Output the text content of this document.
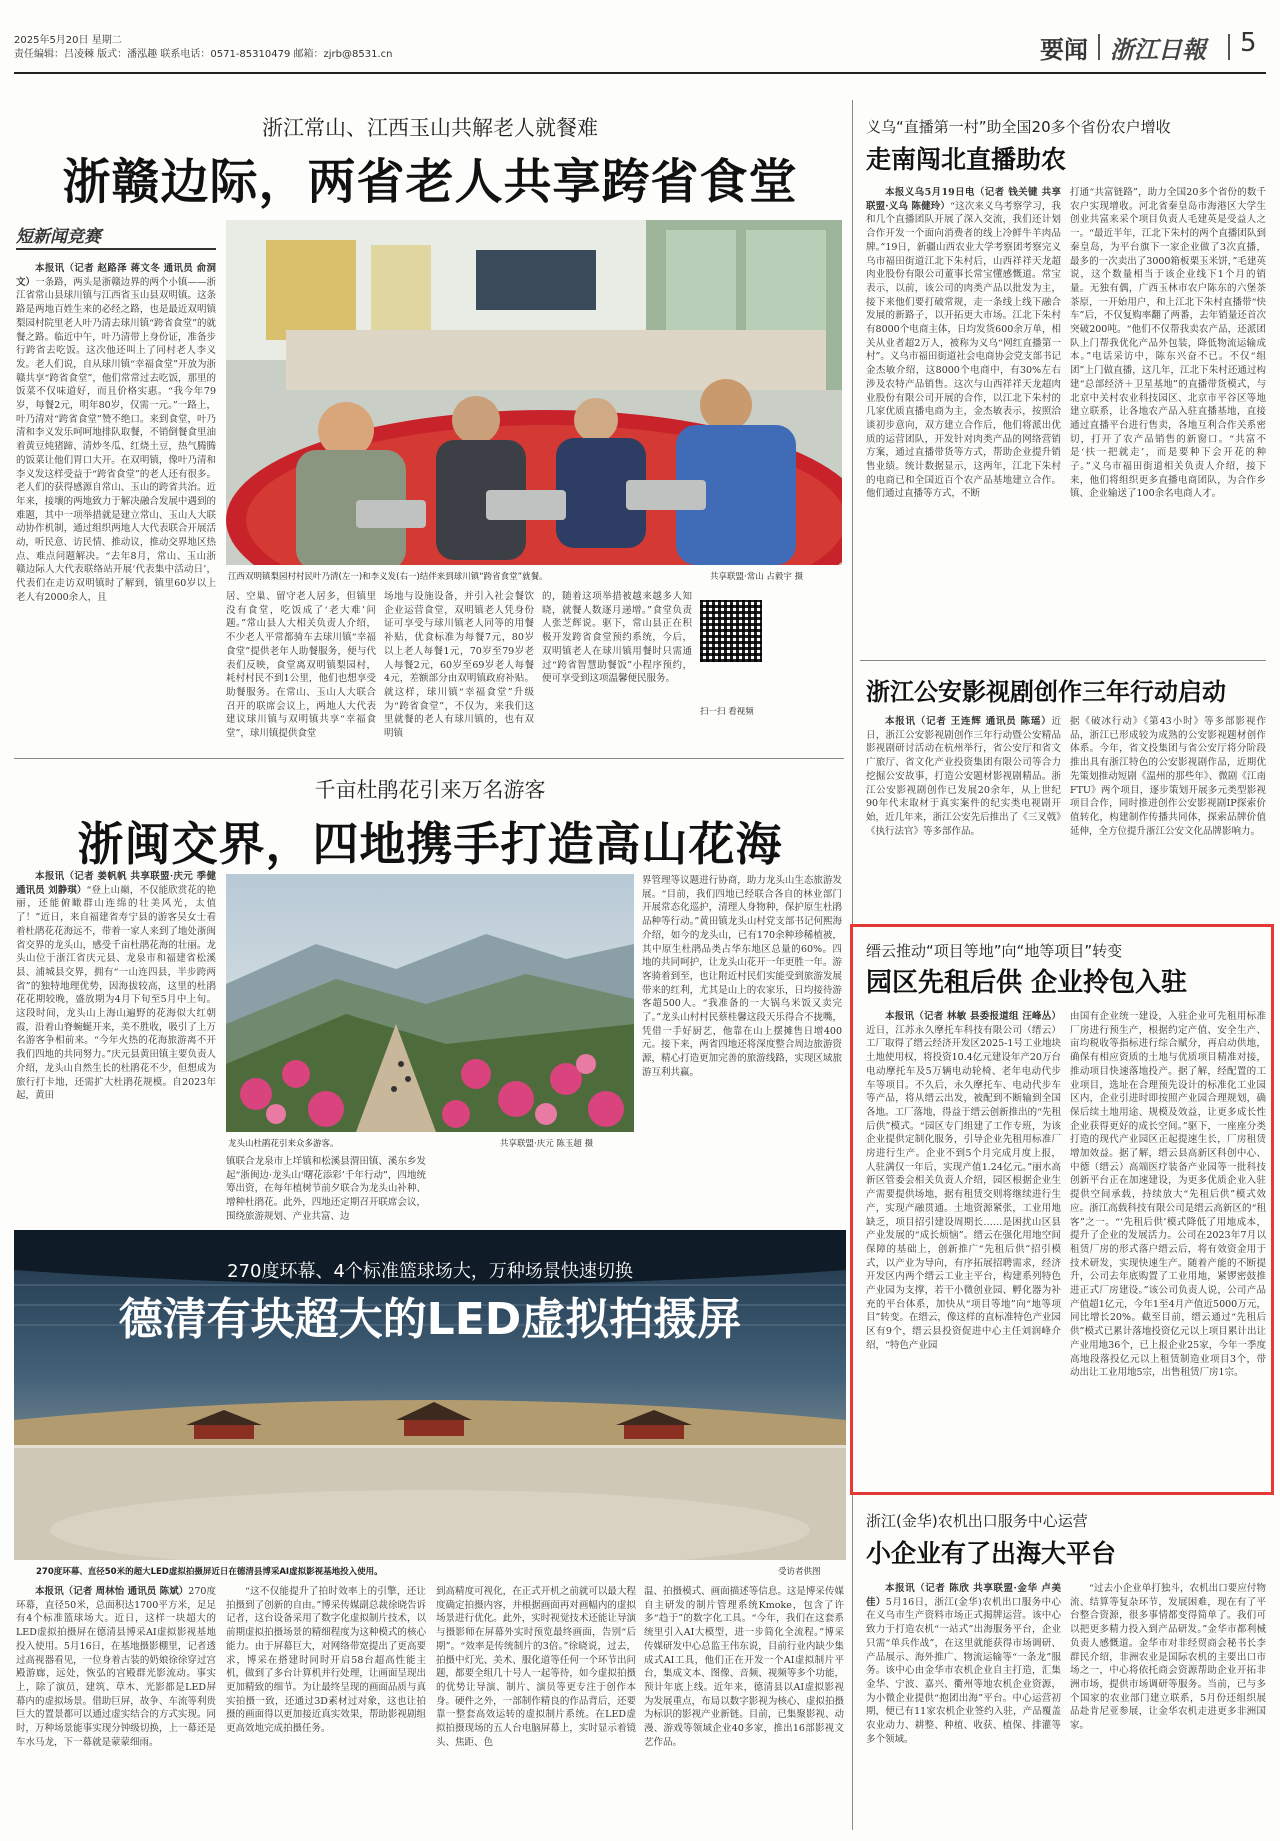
2025年5月20日 星期二
责任编辑：吕凌棘 版式：潘泓趣 联系电话：0571-85310479 邮箱：zjrb@8531.cn	要闻 浙江日報 5
浙江常山、江西玉山共解老人就餐难
浙赣边际，两省老人共享跨省食堂
短新闻竞赛

本报讯（记者 赵路泽 蒋文冬 通讯员 俞洞文）一条路，两头是浙赣边界的两个小镇——浙江省常山县球川镇与江西省玉山县双明镇。这条路是两地百姓生来的必经之路，也是最近双明镇梨园村院里老人叶乃清去球川镇“跨省食堂”的就餐之路。临近中午，叶乃清带上身份证，准备步行跨省去吃饭。这次他还叫上了同村老人李义发。老人们说，自从球川镇“幸福食堂”开放为浙赣共享“跨省食堂”，他们常常过去吃饭，那里的饭菜不仅味道好，而且价格实惠。“我今年79岁，每餐2元，明年80岁，仅需一元。”一路上，叶乃清对“跨省食堂”赞不绝口。来到食堂，叶乃清和李义发乐呵呵地排队取餐，不销倒餐食里油着黄豆炖猪蹄、清炒冬瓜、红烧土豆，热气腾腾的饭菜让他们胃口大开。在双明镇，像叶乃清和李义发这样受益于“跨省食堂”的老人还有很多。老人们的获得感源自常山、玉山的跨省共治。近年来，接壤的两地致力于解决融合发展中遇到的难题，其中一项举措就是建立常山、玉山人大联动协作机制，通过组织两地人大代表联合开展活动，听民意、访民情、推动议，推动交界地区热点、难点问题解决。“去年8月，常山、玉山浙赣边际人大代表联络站开展‘代表集中活动日’，代表们在走访双明镇时了解到，镇里60岁以上老人有2000余人，且

江西双明镇梨园村村民叶乃清(左一)和李义发(右一)结伴来到球川镇“跨省食堂”就餐。	共享联盟·常山 占毅宇 摄

居、空巢、留守老人居多，但镇里没有食堂，吃饭成了‘老大难’问题。”常山县人大相关负责人介绍，不少老人平常都骑车去球川镇“幸福食堂”提供老年人助餐服务，便与代表们反映，食堂离双明镇梨园村，耗村村民不到1公里，他们也想享受助餐服务。在常山、玉山人大联合召开的联席会议上，两地人大代表建议球川镇与双明镇共享“幸福食堂”，球川镇提供食堂

场地与设施设备，并引入社会餐饮企业运营食堂，双明镇老人凭身份证可享受与球川镇老人同等的用餐补贴，优食标准为每餐7元，80岁以上老人每餐1元，70岁至79岁老人每餐2元，60岁至69岁老人每餐4元，差额部分由双明镇政府补贴。就这样，球川镇“幸福食堂”升级为“跨省食堂”，不仅为，来我们这里就餐的老人有球川镇的，也有双明镇

的，随着这项举措被越来越多人知晓，就餐人数逐月递增。”食堂负责人张芝辉说。驱下，常山县正在积极开发跨省食堂预约系统，今后，双明镇老人在球川镇用餐时只需通过“跨省智慧助餐饭”小程序预约，便可享受到这项温馨便民服务。

扫一扫 看视频
千亩杜鹃花引来万名游客
浙闽交界，四地携手打造高山花海

本报讯（记者 姜帆帆 共享联盟·庆元 季健 通讯员 刘静琪）“登上山巅，不仅能欣赏花的艳丽，还能俯瞰群山连绵的壮美风光，太值了！”近日，来自福建省寿宁县的游客吴女士看着杜鹃花花海远不，带着一家人来到了地处浙闽省交界的龙头山，感受千亩杜鹃花海的壮丽。龙头山位于浙江省庆元县、龙泉市和福建省松溪县、浦城县交界，拥有“一山连四县，半步跨两省”的独特地理优势，因海拔较高，这里的杜鹃花花期较晚，盛放期为4月下旬至5月中上旬。这段时间，龙头山上海山遍野的花海似大红朝霞，沿着山脊蜿蜒开来，美不胜收，吸引了上万名游客争相前来。“今年火热的花海旅游离不开我们四地的共同努力。”庆元县黄田镇主要负责人介绍，龙头山自然生长的杜鹃花不少，但想成为旅行打卡地，还需扩大杜鹃花规模。自2023年起，黄田

龙头山杜鹃花引来众多游客。	共享联盟·庆元 陈玉超 摄

镇联合龙泉市上垟镇和松溪县渭田镇、溪东乡发起“浙闽边·龙头山‘曙花添彩’千年行动”，四地统筹出资，在每年植树节前夕联合为龙头山补种、增种杜鹃花。此外，四地还定期召开联席会议，围绕旅游规划、产业共富、边

界管理等议题进行协商，助力龙头山生态旅游发展。“目前，我们四地已经联合各自的林业部门开展常态化巡护，清理人身物种，保护原生杜鹃品种等行动。”黄田镇龙头山村党支部书记何熙海介绍，如今的龙头山，已有170余种珍稀植被，其中原生杜鹃品类占华东地区总量的60%。四地的共同呵护，让龙头山花开一年更胜一年。游客骑着到至，也让附近村民们实能受到旅游发展带来的红利，尤其是山上的农家乐，日均接待游客超500人。“我准备的一大锅乌米饭又卖完了。”龙头山村村民蔡桂馨这段天乐得合不拢嘴，凭借一手好厨艺，他靠在山上摆摊售日增400元。接下来，两省四地还将深度整合周边旅游资源，精心打造更加完善的旅游线路，实现区域旅游互利共赢。

270度环幕、4个标准篮球场大，万种场景快速切换
德清有块超大的LED虚拟拍摄屏
270度环幕、直径50米的超大LED虚拟拍摄屏近日在德清县博采AI虚拟影视基地投入使用。	受访者供图

本报讯（记者 周林怡 通讯员 陈斌）270度环幕，直径50米，总面积达1700平方米，足足有4个标准篮球场大。近日，这样一块超大的LED虚拟拍摄屏在德清县博采AI虚拟影视基地投入使用。5月16日，在基地摄影棚里，记者透过高视器看见，一位身着古装的奶娘徐徐穿过宫殿游廊，远处，恢弘的宫殿群光影流动。事实上，除了演员，建筑、草木、光影都是LED屏幕内的虚拟场景。借助巨屏，故争、车流等利贵巨大的置景都可以通过虚实结合的方式实现。同时，万种场景能事实现分钟级切换，上一幕还是车水马龙，下一幕就是蒙蒙细雨。

“这不仅能提升了拍时效率上的引擎，还让拍摄到了创新的自由。”博采传媒副总裁徐晓告诉记者，这台设备采用了数字化虚拟制片技术，以前期虚拟拍摄场景的精细程度为这种模式的核心能力。由于屏幕巨大，对网络带宽提出了更高要求，博采在搭建时同时开启58台超高性能主机，做到了多台计算机并行处理，让画面呈现出更加精致的细节。为让最终呈现的画面品质与真实拍摄一致，还通过3D素材过对象，这也让拍摄的画面得以更加接近真实效果，帮助影视剧组更高效地完成拍摄任务。

到高精度可视化，在正式开机之前就可以最大程度确定拍摄内容，并根据画面再对画幅内的虚拟场景进行优化。此外，实时视觉技术还能让导演与摄影师在屏幕外实时预览最终画面，告别“后期”。“效率是传统制片的3倍。”徐晓说，过去，拍摄中灯光、美术、服化道等任何一个环节出问题，都要全组几十号人一起等待，如今虚拟拍摄的优势让导演、制片、演员等更专注于创作本身。硬件之外，一部制作精良的作品背后，还要靠一整套高效运转的虚拟制片系统。在LED虚拟拍摄现场的五人台电脑屏幕上，实时显示着镜头、焦距、色

温、拍摄模式、画面描述等信息。这是博采传媒自主研发的制片管理系统Kmoke，包含了许多“趋于”的数字化工具。“今年，我们在这套系统里引入AI大模型，进一步简化全流程。”博采传媒研发中心总监王伟东说，目前行业内缺少集成式AI工具，他们正在开发一个AI虚拟制片平台，集成文本、图像、音频、视频等多个功能，预计年底上线。近年来，德清县以AI虚拟影视为发展重点，布局以数字影视为核心、虚拟拍摄为标识的影视产业新链。目前，已集聚影视、动漫、游戏等领域企业40多家，推出16部影视文艺作品。

义乌“直播第一村”助全国20多个省份农户增收
走南闯北直播助农

本报义乌5月19日电（记者 钱关键 共享联盟·义乌 陈健玲）“这次来义乌考察学习，我和几个直播团队开展了深入交流，我们还计划合作开发一个面向消费者的线上冷鲜牛羊肉品牌。”19日，新疆山西农业大学考察团考察完义乌市福田街道江北下朱村后，山西祥祥天龙超肉业股份有限公司董事长常宝懂感慨道。常宝表示，以前，该公司的肉类产品以批发为主，接下来他们要打破常规，走一条线上线下融合发展的新路子，以开拓更大市场。江北下朱村有8000个电商主体，日均发货600余万单，相关从业者超2万人，被称为义乌“网红直播第一村”。义乌市福田街道社会电商协会党支部书记金杰敏介绍，这8000个电商中，有30%左右涉及农特产品销售。这次与山西祥祥天龙超肉业股份有限公司开展的合作，以江北下朱村的几家优质直播电商为主，金杰敏表示，按照洽谈初步意向，双方建立合作后，他们将派出优质的运营团队，开发针对肉类产品的网络营销方案，通过直播带货等方式，帮助企业提升销售业绩。统计数据显示，这两年，江北下朱村的电商已和全国近百个农产品基地建立合作。他们通过直播等方式，不断

打通“共富链路”，助力全国20多个省份的数千农户实现增收。河北省秦皇岛市海港区大学生创业共富来采个项目负责人毛建英是受益人之一。“最近半年，江北下朱村的两个直播团队到秦皇岛，为平台旗下一家企业做了3次直播，最多的一次卖出了3000箱板栗玉米饼，”毛建英说，这个数量相当于该企业线下1个月的销量。无独有偶，广西玉林市农户陈东的六堡茶茶原，一开始用户，和上江北下朱村直播带“快车”后，不仅复购率翻了两番，去年销量还首次突破200吨。“他们不仅帮我卖农产品，还派团队上门帮我优化产品外包装，降低物流运输成本。”电话采访中，陈东兴奋不已。不仅“组团”上门做直播，这几年，江北下朱村还通过构建“总部经济＋卫星基地”的直播带货模式，与北京中关村农业科技园区、北京市平谷区等地建立联系，让各地农产品入驻直播基地，直接通过直播平台进行售卖，各地互利合作关系密切，打开了农产品销售的新窗口。“共富不是‘扶一把就走’，而是要种下会开花的种子。”义乌市福田街道相关负责人介绍，接下来，他们将组织更多直播电商团队，为合作乡镇、企业输送了100余名电商人才。

浙江公安影视剧创作三年行动启动

本报讯（记者 王连辉 通讯员 陈瑶）近日，浙江公安影视剧创作三年行动暨公安精品影视剧研讨活动在杭州举行，省公安厅和省文广旅厅、省文化产业投资集团有限公司等合力挖掘公安故事，打造公安题材影视剧精品。浙江公安影视剧创作已发展20余年，从上世纪90年代末取材于真实案件的纪实类电视剧开始，近几年来，浙江公安先后推出了《三叉戟》《执行法官》等多部作品。

据《破冰行动》《第43小时》等多部影视作品，浙江已形成较为成熟的公安影视题材创作体系。今年，省文投集团与省公安厅将分阶段推出具有浙江特色的公安影视剧作品，近期优先策划推动短剧《温州的那些年》、微剧《江南FTU》两个项目，逐步策划开展多元类型影视项目合作，同时推进创作公安影视剧IP探索价值转化，构建制作传播共同体，探索品牌价值延伸，全方位提升浙江公安文化品牌影响力。

缙云推动“项目等地”向“地等项目”转变
园区先租后供 企业拎包入驻

本报讯（记者 林敏 县委报道组 汪峰丛）近日，江苏永久摩托车科技有限公司（缙云）工厂取得了缙云经济开发区2025-1号工业地块土地使用权，将投资10.4亿元建设年产20万台电动摩托车及5万辆电动轮椅、老年电动代步车等项目。不久后，永久摩托车、电动代步车等产品，将从缙云出发，被配到不断输到全国各地。工厂落地，得益于缙云创新推出的“先租后供”模式。“园区专门组建了工作专班，为该企业提供定制化服务，引导企业先租用标准厂房进行生产。企业不到5个月完成月度上报，人驻满仅一年后，实现产值1.24亿元。”丽水高新区管委会相关负责人介绍，园区根据企业生产需要提供场地，据有租赁交则将继续进行生产，实现产融贯通。土地资源紧张，工业用地缺乏，项目招引建设周期长……是困扰山区县产业发展的“成长烦恼”。缙云在强化用地空间保障的基础上，创新推广“先租后供”招引模式，以产业为导向，有序拓展招聘需求，经济开发区内两个缙云工业主平台，构建系列特色产业园为支撑，若干小微创业园、孵化器为补充的平台体系，加快从“项目等地”向“地等项目”转变。在缙云，像这样的直标准特色产业园区有9个，缙云县投资促进中心主任刘润峰介绍，“特色产业园

由国有企业统一建设，入驻企业可先租用标准厂房进行预生产，根据约定产值、安全生产、亩均税收等指标进行综合赋分，再启动供地，确保有相应资质的土地与优质项目精准对接，推动项目快速落地投产。据了解，经配置的工业项目，选址在合理预先设计的标准化工业园区内，企业引进时即按照产业园合理规划，确保后续土地用途、规模及效益，让更多成长性企业获得更好的成长空间。”驱下，一座座分类打造的现代产业园区正起提速生长，厂房租赁增加效益。据了解，缙云县高新区科创中心、中德（缙云）高端医疗装备产业园等一批科技创新平台正在加速建设，为更多优质企业入驻提供空间承载，持续放大“先租后供”模式效应。浙江高载科技有限公司是缙云高新区的“租客”之一。“‘先租后供’模式降低了用地成本，提升了企业的发展活力。公司在2023年7月以租赁厂房的形式落户缙云后，将有效资金用于技术研发，实现快速生产。随着产能的不断提升，公司去年底购置了工业用地，紧锣密鼓推进正式厂房建设。”该公司负责人说，公司产品产值超1亿元，今年1至4月产值近5000万元，同比增长20%。截至目前，缙云通过“先租后供”模式已累计落地投资亿元以上项目累计出让产业用地36个，已上报企业25家，今年一季度高地段落投亿元以上租赁制造业项目3个，带动出让工业用地5宗，出售租赁厂房1宗。

浙江(金华)农机出口服务中心运营
小企业有了出海大平台

本报讯（记者 陈欣 共享联盟·金华 卢美佳）5月16日，浙江(金华)农机出口服务中心在义乌市生产资料市场正式揭牌运营。该中心致力于打造农机“一站式”出海服务平台，企业只需“单兵作战”，在这里就能获得市场调研、产品展示、海外推广、物流运输等“一条龙”服务。该中心由金华市农机企业自主打造，汇集金华、宁波、嘉兴、衢州等地农机企业资源，为小微企业提供“抱团出海”平台。中心运营初期，便已有11家农机企业签约入驻，产品覆盖农业动力、耕整、种植、收获、植保、排灌等多个领域。

“过去小企业单打独斗，农机出口要应付物流、结算等复杂环节，发展困难，现在有了平台整合资源，很多事情都变得简单了。我们可以把更多精力投入到产品研发。”金华市都利械负责人感慨道。金华市对非经贸商会秘书长李群民介绍，非洲农业是国际农机的主要出口市场之一，中心将依托商会资源帮助企业开拓非洲市场，提供市场调研等服务。当前，已与多个国家的农业部门建立联系，5月份还组织展品赴肯尼亚参展，让金华农机走进更多非洲国家。
